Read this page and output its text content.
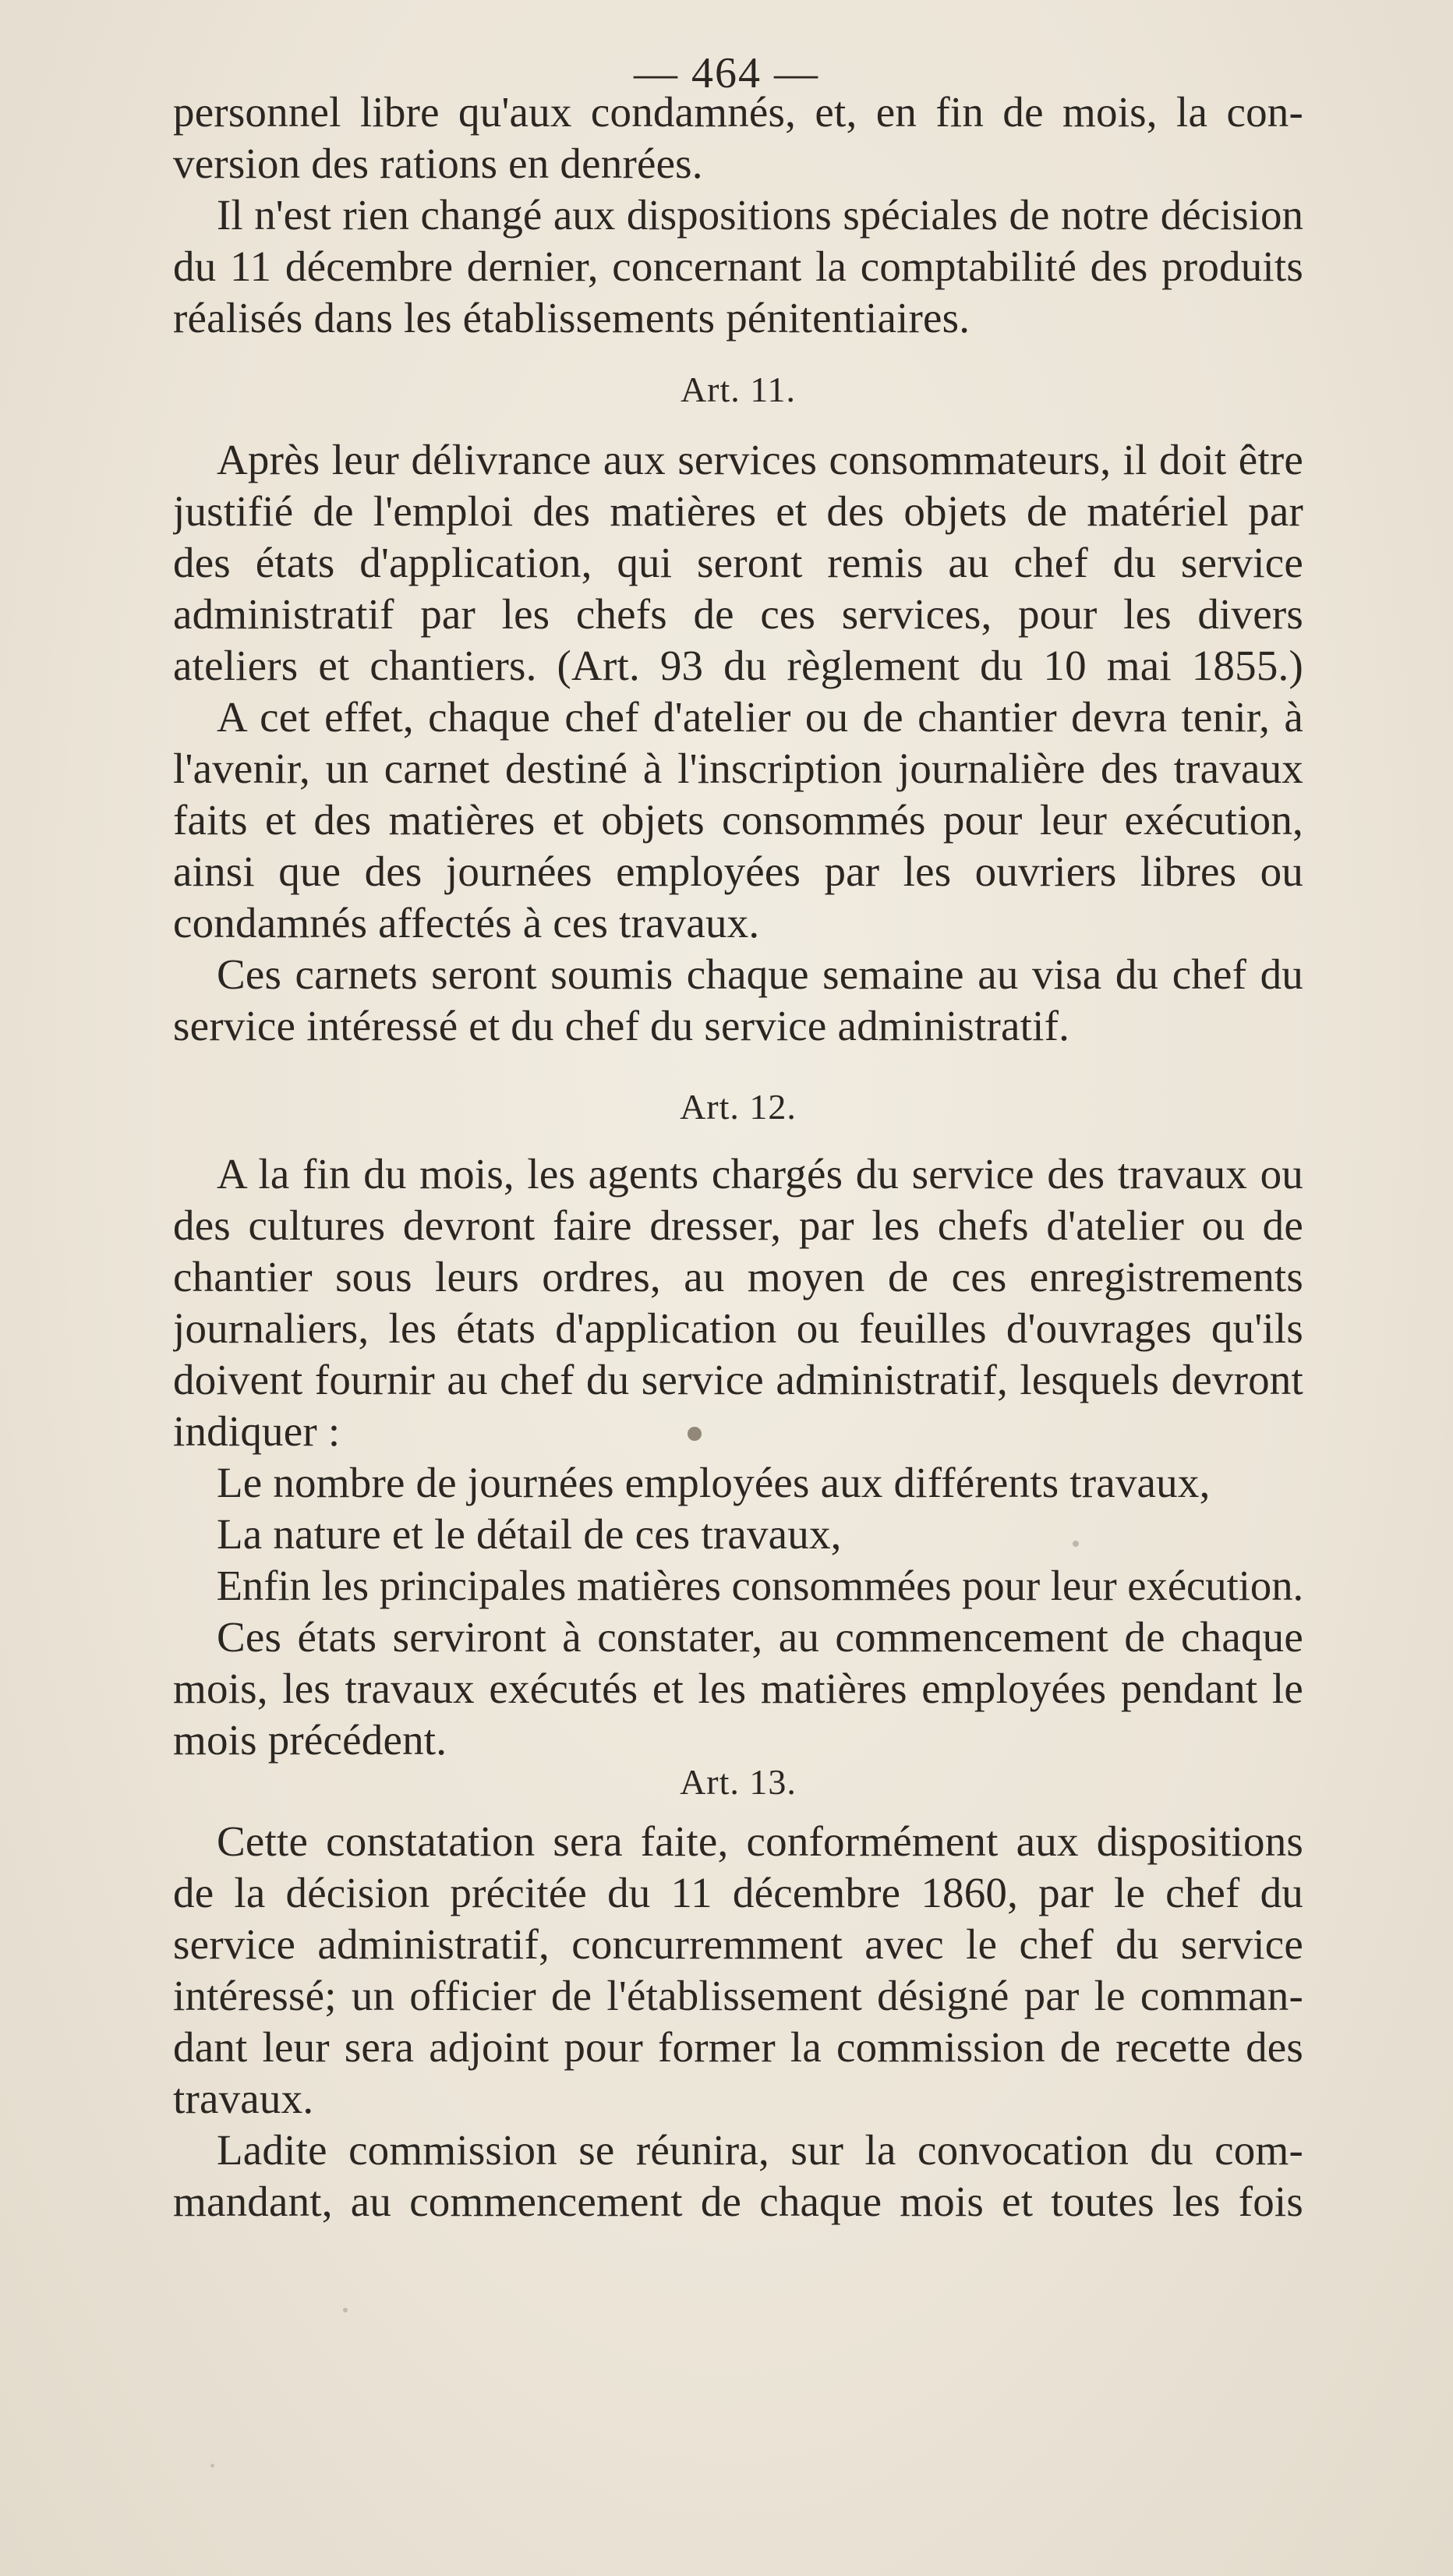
— 464 —
personnel libre qu'aux condamnés, et, en fin de mois, la con-
version des rations en denrées.
Il n'est rien changé aux dispositions spéciales de notre décision
du 11 décembre dernier, concernant la comptabilité des produits
réalisés dans les établissements pénitentiaires.
Art. 11.
Après leur délivrance aux services consommateurs, il doit être
justifié de l'emploi des matières et des objets de matériel par
des états d'application, qui seront remis au chef du service
administratif par les chefs de ces services, pour les divers
ateliers et chantiers. (Art. 93 du règlement du 10 mai 1855.)
A cet effet, chaque chef d'atelier ou de chantier devra tenir, à
l'avenir, un carnet destiné à l'inscription journalière des travaux
faits et des matières et objets consommés pour leur exécution,
ainsi que des journées employées par les ouvriers libres ou
condamnés affectés à ces travaux.
Ces carnets seront soumis chaque semaine au visa du chef du
service intéressé et du chef du service administratif.
Art. 12.
A la fin du mois, les agents chargés du service des travaux ou
des cultures devront faire dresser, par les chefs d'atelier ou de
chantier sous leurs ordres, au moyen de ces enregistrements
journaliers, les états d'application ou feuilles d'ouvrages qu'ils
doivent fournir au chef du service administratif, lesquels devront
indiquer :
Le nombre de journées employées aux différents travaux,
La nature et le détail de ces travaux,
Enfin les principales matières consommées pour leur exécution.
Ces états serviront à constater, au commencement de chaque
mois, les travaux exécutés et les matières employées pendant le
mois précédent.
Art. 13.
Cette constatation sera faite, conformément aux dispositions
de la décision précitée du 11 décembre 1860, par le chef du
service administratif, concurremment avec le chef du service
intéressé; un officier de l'établissement désigné par le comman-
dant leur sera adjoint pour former la commission de recette des
travaux.
Ladite commission se réunira, sur la convocation du com-
mandant, au commencement de chaque mois et toutes les fois
